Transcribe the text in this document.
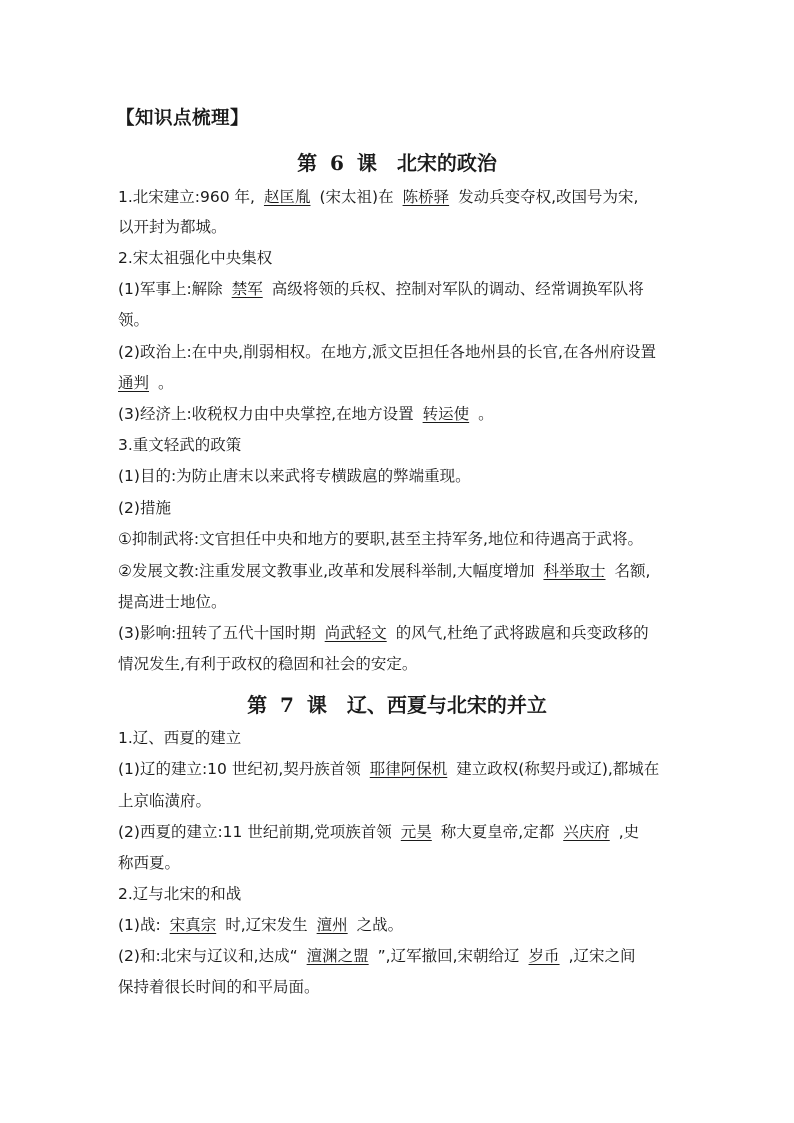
【知识点梳理】
第 6 课　北宋的政治
1.北宋建立:960 年, 赵匡胤 (宋太祖)在 陈桥驿 发动兵变夺权,改国号为宋,
以开封为都城。
2.宋太祖强化中央集权
(1)军事上:解除 禁军 高级将领的兵权、控制对军队的调动、经常调换军队将
领。
(2)政治上:在中央,削弱相权。在地方,派文臣担任各地州县的长官,在各州府设置
通判 。
(3)经济上:收税权力由中央掌控,在地方设置 转运使 。
3.重文轻武的政策
(1)目的:为防止唐末以来武将专横跋扈的弊端重现。
(2)措施
①抑制武将:文官担任中央和地方的要职,甚至主持军务,地位和待遇高于武将。
②发展文教:注重发展文教事业,改革和发展科举制,大幅度增加 科举取士 名额,
提高进士地位。
(3)影响:扭转了五代十国时期 尚武轻文 的风气,杜绝了武将跋扈和兵变政移的
情况发生,有利于政权的稳固和社会的安定。
第 7 课　辽、西夏与北宋的并立
1.辽、西夏的建立
(1)辽的建立:10 世纪初,契丹族首领 耶律阿保机 建立政权(称契丹或辽),都城在
上京临潢府。
(2)西夏的建立:11 世纪前期,党项族首领 元昊 称大夏皇帝,定都 兴庆府 ,史
称西夏。
2.辽与北宋的和战
(1)战: 宋真宗 时,辽宋发生 澶州 之战。
(2)和:北宋与辽议和,达成“ 澶渊之盟 ”,辽军撤回,宋朝给辽 岁币 ,辽宋之间
保持着很长时间的和平局面。
